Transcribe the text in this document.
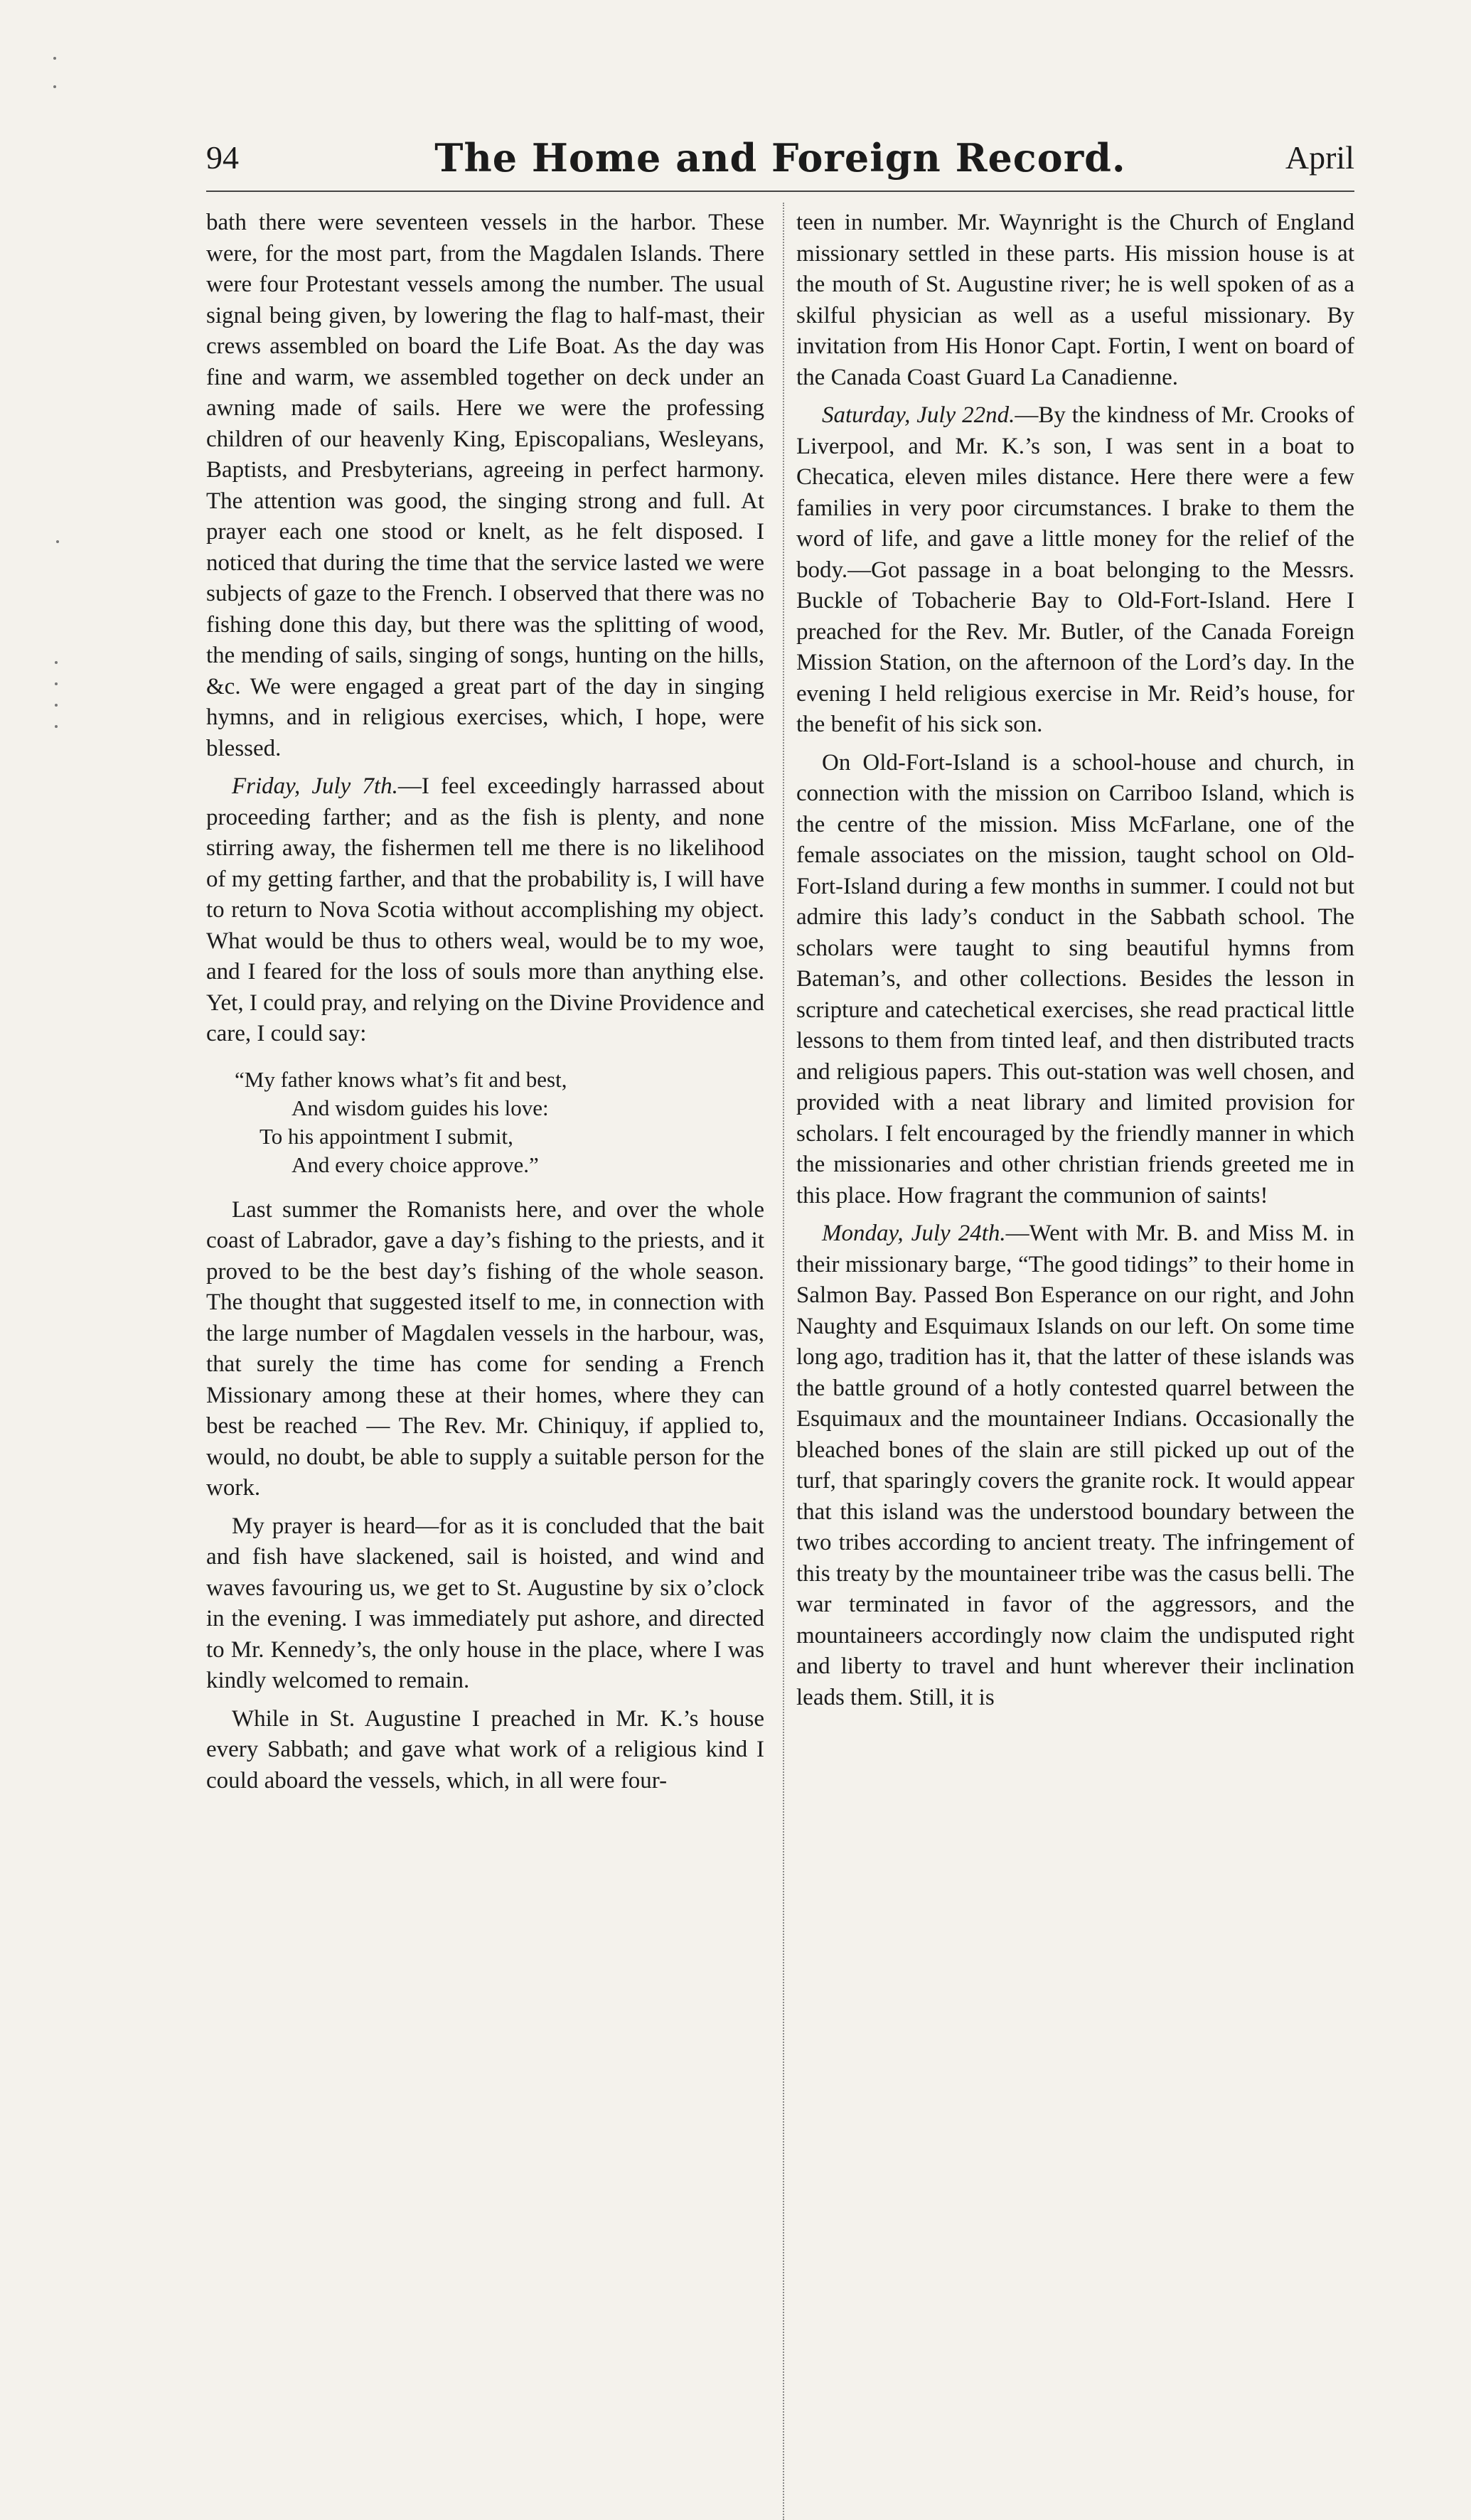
94	The Home and Foreign Record.	April

bath there were seventeen vessels in the harbor. These were, for the most part, from the Magdalen Islands. There were four Protestant vessels among the number. The usual signal being given, by lowering the flag to half-mast, their crews assembled on board the Life Boat. As the day was fine and warm, we assembled together on deck under an awning made of sails. Here we were the professing children of our heavenly King, Episcopalians, Wesleyans, Baptists, and Presbyterians, agreeing in perfect harmony. The attention was good, the singing strong and full. At prayer each one stood or knelt, as he felt disposed. I noticed that during the time that the service lasted we were subjects of gaze to the French. I observed that there was no fishing done this day, but there was the splitting of wood, the mending of sails, singing of songs, hunting on the hills, &c. We were engaged a great part of the day in singing hymns, and in religious exercises, which, I hope, were blessed.

Friday, July 7th.—I feel exceedingly harrassed about proceeding farther; and as the fish is plenty, and none stirring away, the fishermen tell me there is no likelihood of my getting farther, and that the probability is, I will have to return to Nova Scotia without accomplishing my object. What would be thus to others weal, would be to my woe, and I feared for the loss of souls more than anything else. Yet, I could pray, and relying on the Divine Providence and care, I could say:

“My father knows what’s fit and best,
And wisdom guides his love:
To his appointment I submit,
And every choice approve.”

Last summer the Romanists here, and over the whole coast of Labrador, gave a day’s fishing to the priests, and it proved to be the best day’s fishing of the whole season. The thought that suggested itself to me, in connection with the large number of Magdalen vessels in the harbour, was, that surely the time has come for sending a French Missionary among these at their homes, where they can best be reached — The Rev. Mr. Chiniquy, if applied to, would, no doubt, be able to supply a suitable person for the work.

My prayer is heard—for as it is concluded that the bait and fish have slackened, sail is hoisted, and wind and waves favouring us, we get to St. Augustine by six o’clock in the evening. I was immediately put ashore, and directed to Mr. Kennedy’s, the only house in the place, where I was kindly welcomed to remain.

While in St. Augustine I preached in Mr. K.’s house every Sabbath; and gave what work of a religious kind I could aboard the vessels, which, in all were four-

teen in number. Mr. Waynright is the Church of England missionary settled in these parts. His mission house is at the mouth of St. Augustine river; he is well spoken of as a skilful physician as well as a useful missionary. By invitation from His Honor Capt. Fortin, I went on board of the Canada Coast Guard La Canadienne.

Saturday, July 22nd.—By the kindness of Mr. Crooks of Liverpool, and Mr. K.’s son, I was sent in a boat to Checatica, eleven miles distance. Here there were a few families in very poor circumstances. I brake to them the word of life, and gave a little money for the relief of the body.—Got passage in a boat belonging to the Messrs. Buckle of Tobacherie Bay to Old-Fort-Island. Here I preached for the Rev. Mr. Butler, of the Canada Foreign Mission Station, on the afternoon of the Lord’s day. In the evening I held religious exercise in Mr. Reid’s house, for the benefit of his sick son.

On Old-Fort-Island is a school-house and church, in connection with the mission on Carriboo Island, which is the centre of the mission. Miss McFarlane, one of the female associates on the mission, taught school on Old-Fort-Island during a few months in summer. I could not but admire this lady’s conduct in the Sabbath school. The scholars were taught to sing beautiful hymns from Bateman’s, and other collections. Besides the lesson in scripture and catechetical exercises, she read practical little lessons to them from tinted leaf, and then distributed tracts and religious papers. This out-station was well chosen, and provided with a neat library and limited provision for scholars. I felt encouraged by the friendly manner in which the missionaries and other christian friends greeted me in this place. How fragrant the communion of saints!

Monday, July 24th.—Went with Mr. B. and Miss M. in their missionary barge, “The good tidings” to their home in Salmon Bay. Passed Bon Esperance on our right, and John Naughty and Esquimaux Islands on our left. On some time long ago, tradition has it, that the latter of these islands was the battle ground of a hotly contested quarrel between the Esquimaux and the mountaineer Indians. Occasionally the bleached bones of the slain are still picked up out of the turf, that sparingly covers the granite rock. It would appear that this island was the understood boundary between the two tribes according to ancient treaty. The infringement of this treaty by the mountaineer tribe was the casus belli. The war terminated in favor of the aggressors, and the mountaineers accordingly now claim the undisputed right and liberty to travel and hunt wherever their inclination leads them. Still, it is
